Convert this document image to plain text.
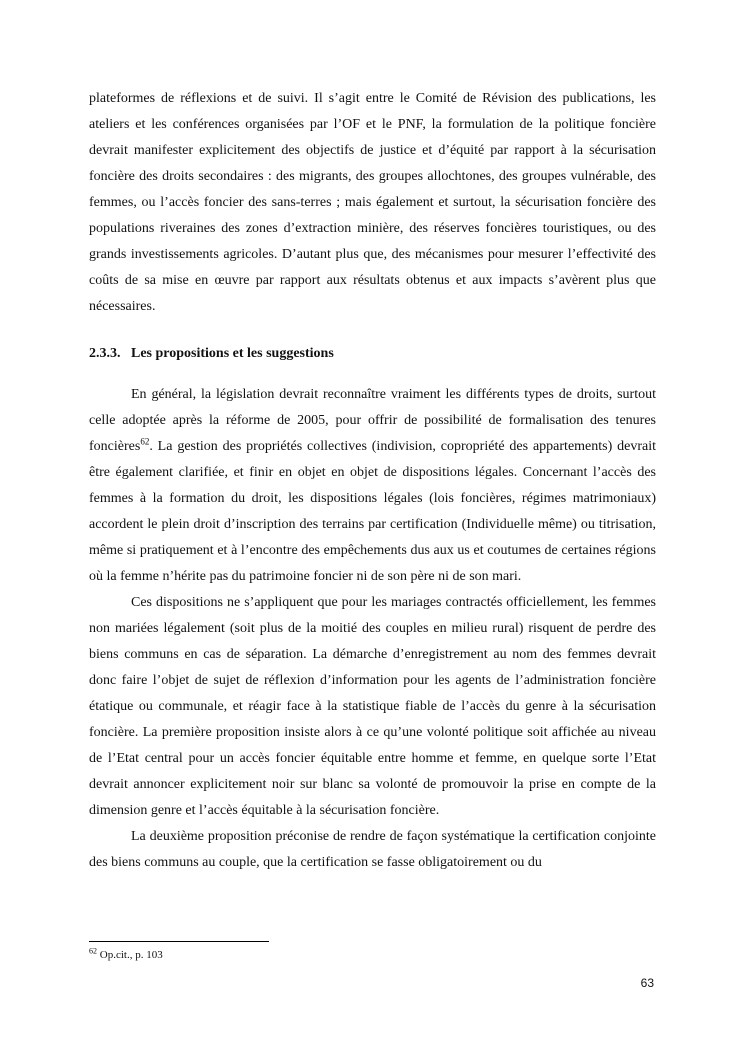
plateformes de réflexions et de suivi. Il s’agit entre le Comité de Révision des publications, les ateliers et les conférences organisées par l’OF et le PNF, la formulation de la politique foncière devrait manifester explicitement des objectifs de justice et d’équité par rapport à la sécurisation foncière des droits secondaires : des migrants, des groupes allochtones, des groupes vulnérable, des femmes, ou l’accès foncier des sans-terres ; mais également et surtout, la sécurisation foncière des populations riveraines des zones d’extraction minière, des réserves foncières touristiques, ou des grands investissements agricoles. D’autant plus que, des mécanismes pour mesurer l’effectivité des coûts de sa mise en œuvre par rapport aux résultats obtenus et aux impacts s’avèrent plus que nécessaires.

2.3.3. Les propositions et les suggestions

En général, la législation devrait reconnaître vraiment les différents types de droits, surtout celle adoptée après la réforme de 2005, pour offrir de possibilité de formalisation des tenures foncières$^{62}$. La gestion des propriétés collectives (indivision, copropriété des appartements) devrait être également clarifiée, et finir en objet en objet de dispositions légales. Concernant l’accès des femmes à la formation du droit, les dispositions légales (lois foncières, régimes matrimoniaux) accordent le plein droit d’inscription des terrains par certification (Individuelle même) ou titrisation, même si pratiquement et à l’encontre des empêchements dus aux us et coutumes de certaines régions où la femme n’hérite pas du patrimoine foncier ni de son père ni de son mari.

Ces dispositions ne s’appliquent que pour les mariages contractés officiellement, les femmes non mariées légalement (soit plus de la moitié des couples en milieu rural) risquent de perdre des biens communs en cas de séparation. La démarche d’enregistrement au nom des femmes devrait donc faire l’objet de sujet de réflexion d’information pour les agents de l’administration foncière étatique ou communale, et réagir face à la statistique fiable de l’accès du genre à la sécurisation foncière. La première proposition insiste alors à ce qu’une volonté politique soit affichée au niveau de l’Etat central pour un accès foncier équitable entre homme et femme, en quelque sorte l’Etat devrait annoncer explicitement noir sur blanc sa volonté de promouvoir la prise en compte de la dimension genre et l’accès équitable à la sécurisation foncière.

La deuxième proposition préconise de rendre de façon systématique la certification conjointe des biens communs au couple, que la certification se fasse obligatoirement ou du

$^{62}$ Op.cit., p. 103
63
